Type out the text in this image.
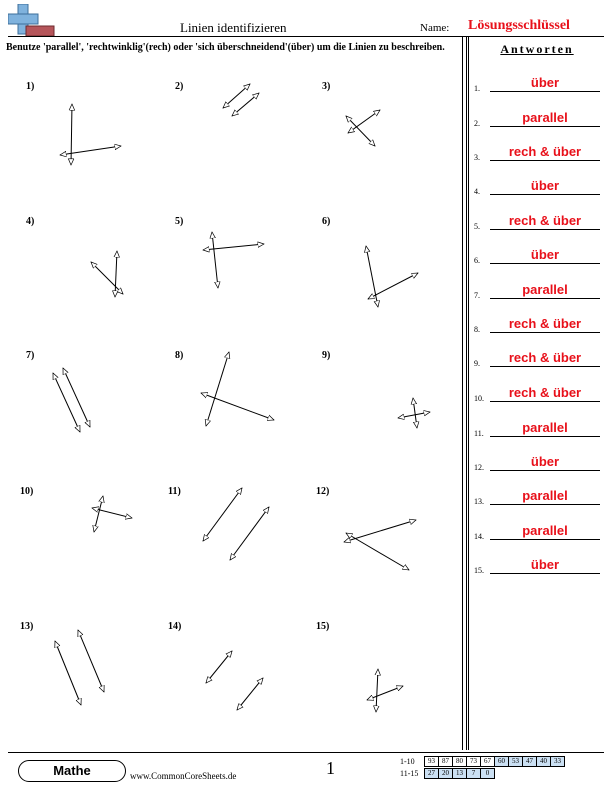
Linien identifizieren	Name: Lösungsschlüssel
Benutze 'parallel', 'rechtwinklig'(rech) oder 'sich überschneidend'(über) um die Linien zu beschreiben.	Antworten
1.	über
2.	parallel
3.	rech & über
4.	über
5.	rech & über
6.	über
7.	parallel
8.	rech & über
9.	rech & über
10.	rech & über
11.	parallel
12.	über
13.	parallel
14.	parallel
15.	über
1)	2)	3)
4)	5)	6)
7)	8)	9)
10)	11)	12)
13)	14)	15)
Mathe	www.CommonCoreSheets.de	1	1-10 93	87	80	73	67	60	53	47	40	33
11-15 27	20	13	7	0
